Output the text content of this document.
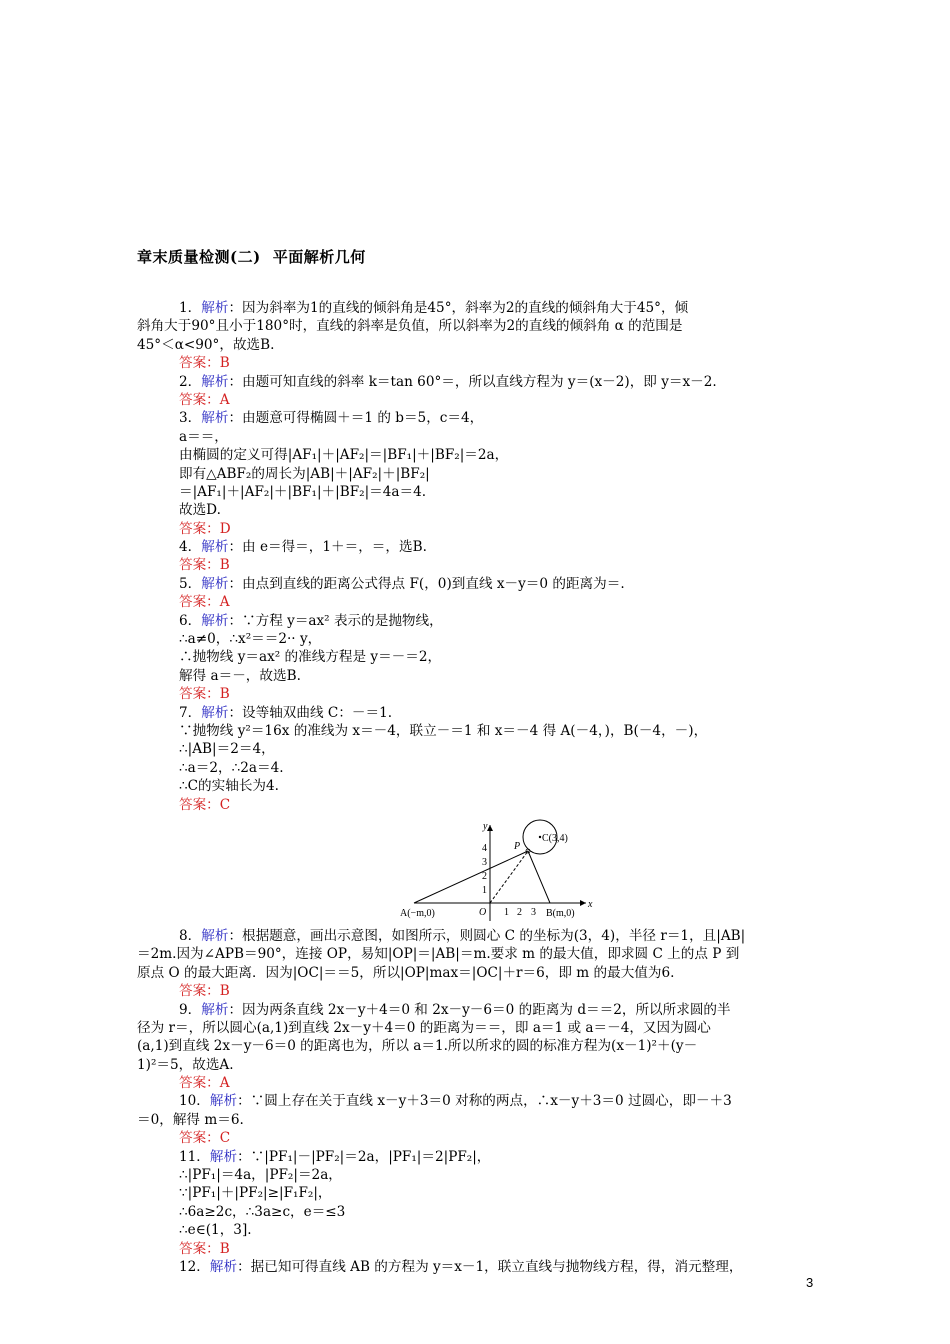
章末质量检测(二) 平面解析几何
1．解析：因为斜率为1的直线的倾斜角是45°，斜率为2的直线的倾斜角大于45°，倾
斜角大于90°且小于180°时，直线的斜率是负值，所以斜率为2的直线的倾斜角 α 的范围是
45°＜α<90°，故选B.
答案：B
2．解析：由题可知直线的斜率 k＝tan 60°＝，所以直线方程为 y＝(x－2)，即 y＝x－2.
答案：A
3．解析：由题意可得椭圆＋＝1 的 b＝5，c＝4，
a＝＝，
由椭圆的定义可得|AF₁|＋|AF₂|＝|BF₁|＋|BF₂|＝2a，
即有△ABF₂的周长为|AB|＋|AF₂|＋|BF₂|
＝|AF₁|＋|AF₂|＋|BF₁|＋|BF₂|＝4a＝4.
故选D.
答案：D
4．解析：由 e＝得＝，1＋＝，＝，选B.
答案：B
5．解析：由点到直线的距离公式得点 F(，0)到直线 x－y＝0 的距离为＝.
答案：A
6．解析：∵方程 y＝ax² 表示的是抛物线，
∴a≠0，∴x²＝＝2·· y，
∴抛物线 y＝ax² 的准线方程是 y＝－＝2，
解得 a＝－，故选B.
答案：B
7．解析：设等轴双曲线 C：－＝1.
∵抛物线 y²＝16x 的准线为 x＝－4，联立－＝1 和 x＝－4 得 A(－4，)，B(－4，－)，
∴|AB|＝2＝4，
∴a＝2，∴2a＝4.
∴C的实轴长为4.
答案：C
y
x
O
P
C(3,4)
A(−m,0)	B(m,0)
1 2 3
1
2
3
4
8．解析：根据题意，画出示意图，如图所示，则圆心 C 的坐标为(3，4)，半径 r＝1，且|AB|
＝2m.因为∠APB＝90°，连接 OP，易知|OP|＝|AB|＝m.要求 m 的最大值，即求圆 C 上的点 P 到
原点 O 的最大距离．因为|OC|＝＝5，所以|OP|max＝|OC|＋r＝6，即 m 的最大值为6.
答案：B
9．解析：因为两条直线 2x－y＋4＝0 和 2x－y－6＝0 的距离为 d＝＝2，所以所求圆的半
径为 r＝，所以圆心(a,1)到直线 2x－y＋4＝0 的距离为＝＝，即 a＝1 或 a＝－4，又因为圆心
(a,1)到直线 2x－y－6＝0 的距离也为，所以 a＝1.所以所求的圆的标准方程为(x－1)²＋(y－
1)²＝5，故选A.
答案：A
10．解析：∵圆上存在关于直线 x－y＋3＝0 对称的两点，∴x－y＋3＝0 过圆心，即－＋3
＝0，解得 m＝6.
答案：C
11．解析：∵|PF₁|－|PF₂|＝2a，|PF₁|＝2|PF₂|，
∴|PF₁|＝4a，|PF₂|＝2a，
∵|PF₁|＋|PF₂|≥|F₁F₂|，
∴6a≥2c，∴3a≥c，e＝≤3
∴e∈(1，3].
答案：B
12．解析：据已知可得直线 AB 的方程为 y＝x－1，联立直线与抛物线方程，得，消元整理，
3
